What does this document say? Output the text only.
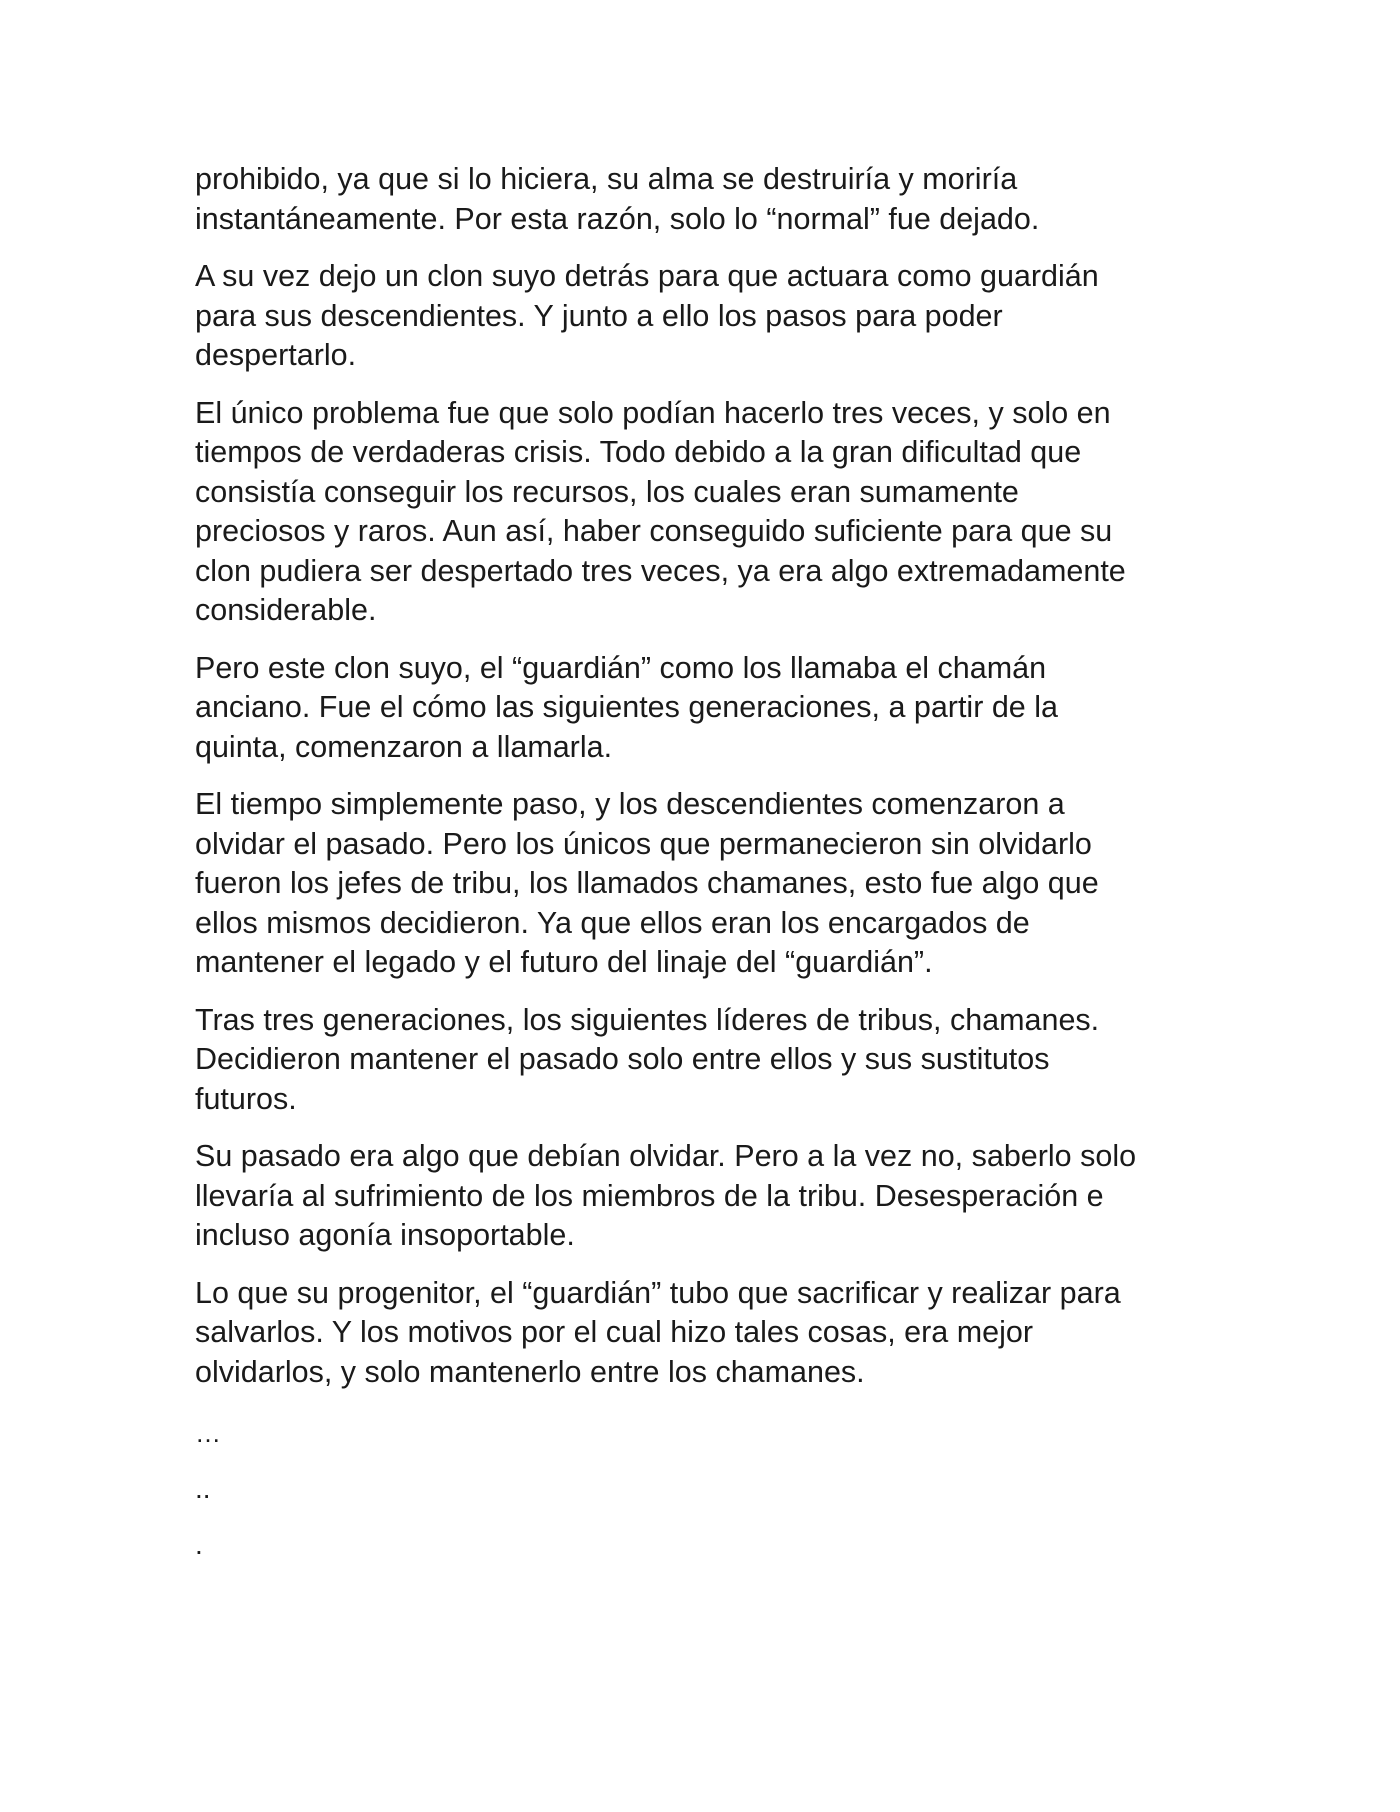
prohibido, ya que si lo hiciera, su alma se destruiría y moriría
instantáneamente. Por esta razón, solo lo “normal” fue dejado.

A su vez dejo un clon suyo detrás para que actuara como guardián
para sus descendientes. Y junto a ello los pasos para poder
despertarlo.

El único problema fue que solo podían hacerlo tres veces, y solo en
tiempos de verdaderas crisis. Todo debido a la gran dificultad que
consistía conseguir los recursos, los cuales eran sumamente
preciosos y raros. Aun así, haber conseguido suficiente para que su
clon pudiera ser despertado tres veces, ya era algo extremadamente
considerable.

Pero este clon suyo, el “guardián” como los llamaba el chamán
anciano. Fue el cómo las siguientes generaciones, a partir de la
quinta, comenzaron a llamarla.

El tiempo simplemente paso, y los descendientes comenzaron a
olvidar el pasado. Pero los únicos que permanecieron sin olvidarlo
fueron los jefes de tribu, los llamados chamanes, esto fue algo que
ellos mismos decidieron. Ya que ellos eran los encargados de
mantener el legado y el futuro del linaje del “guardián”.

Tras tres generaciones, los siguientes líderes de tribus, chamanes.
Decidieron mantener el pasado solo entre ellos y sus sustitutos
futuros.

Su pasado era algo que debían olvidar. Pero a la vez no, saberlo solo
llevaría al sufrimiento de los miembros de la tribu. Desesperación e
incluso agonía insoportable.

Lo que su progenitor, el “guardián” tubo que sacrificar y realizar para
salvarlos. Y los motivos por el cual hizo tales cosas, era mejor
olvidarlos, y solo mantenerlo entre los chamanes.

…

..

.
